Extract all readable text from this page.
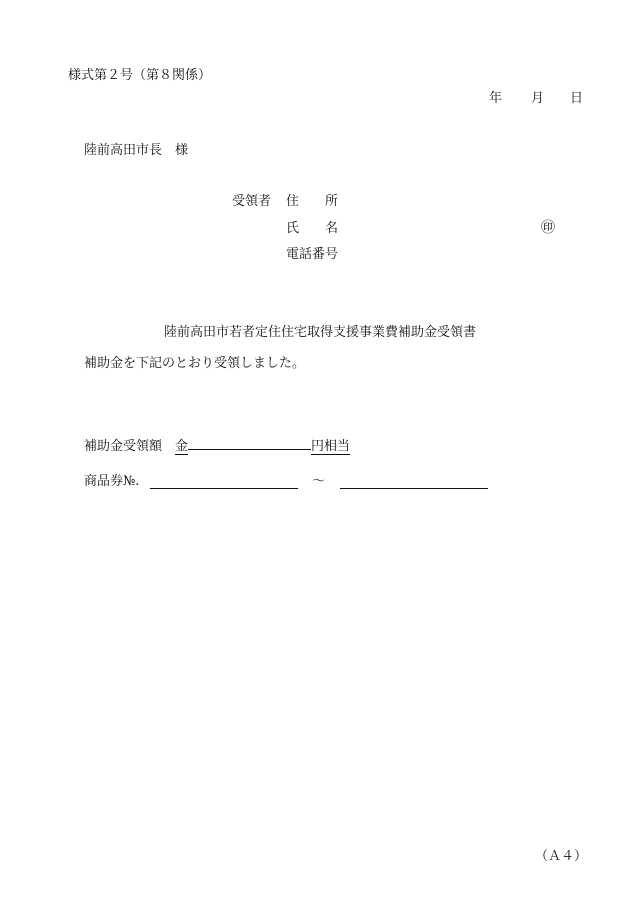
様式第２号（第８関係）
年 月 日
陸前高田市長　様
受領者 住　　所
氏　　名	㊞
電話番号
陸前高田市若者定住住宅取得支援事業費補助金受領書
補助金を下記のとおり受領しました。
補助金受領額 金	円相当
商品券№.	〜
（Ａ４）
